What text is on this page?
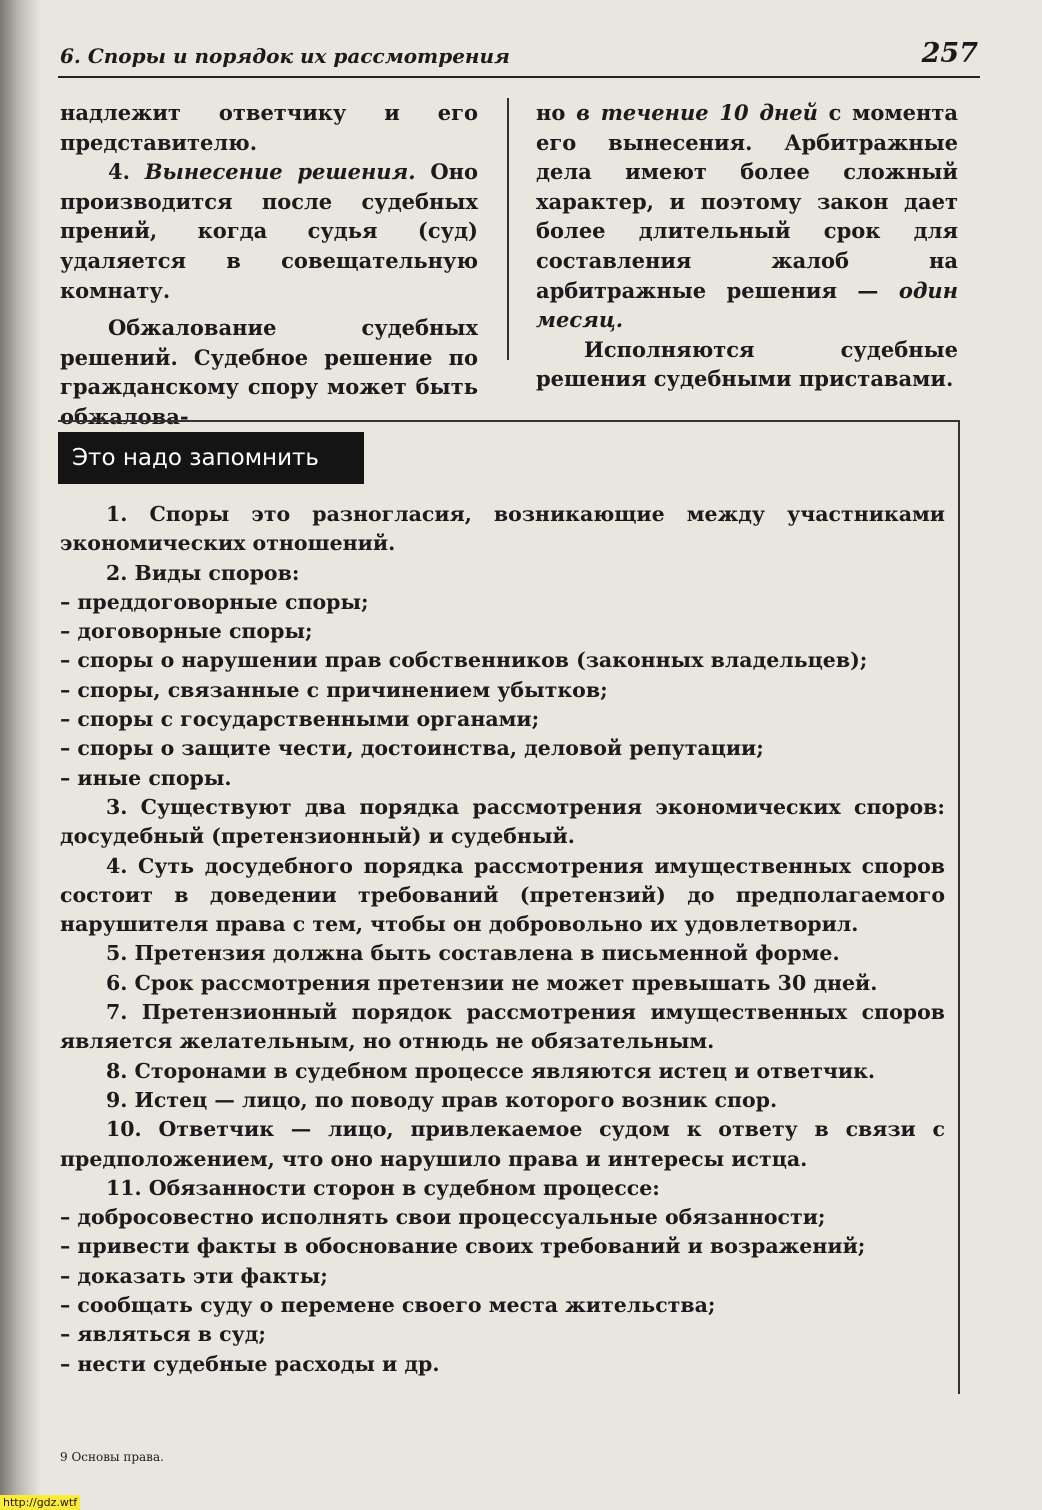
6. Споры и порядок их рассмотрения	257

надлежит ответчику и его представителю.

4. Вынесение решения. Оно производится после судебных прений, когда судья (суд) удаляется в совещательную комнату.

Обжалование судебных решений. Судебное решение по гражданскому спору может быть обжалова-

но в течение 10 дней с момента его вынесения. Арбитражные дела имеют более сложный характер, и поэтому закон дает более длительный срок для составления жалоб на арбитражные решения — один месяц.

Исполняются судебные решения судебными приставами.

Это надо запомнить

1. Споры это разногласия, возникающие между участниками экономических отношений.

2. Виды споров:

– преддоговорные споры;

– договорные споры;

– споры о нарушении прав собственников (законных владельцев);

– споры, связанные с причинением убытков;

– споры с государственными органами;

– споры о защите чести, достоинства, деловой репутации;

– иные споры.

3. Существуют два порядка рассмотрения экономических споров: досудебный (претензионный) и судебный.

4. Суть досудебного порядка рассмотрения имущественных споров состоит в доведении требований (претензий) до предполагаемого нарушителя права с тем, чтобы он добровольно их удовлетворил.

5. Претензия должна быть составлена в письменной форме.

6. Срок рассмотрения претензии не может превышать 30 дней.

7. Претензионный порядок рассмотрения имущественных споров является желательным, но отнюдь не обязательным.

8. Сторонами в судебном процессе являются истец и ответчик.

9. Истец — лицо, по поводу прав которого возник спор.

10. Ответчик — лицо, привлекаемое судом к ответу в связи с предположением, что оно нарушило права и интересы истца.

11. Обязанности сторон в судебном процессе:

– добросовестно исполнять свои процессуальные обязанности;

– привести факты в обоснование своих требований и возражений;

– доказать эти факты;

– сообщать суду о перемене своего места жительства;

– являться в суд;

– нести судебные расходы и др.

9 Основы права.
http://gdz.wtf
